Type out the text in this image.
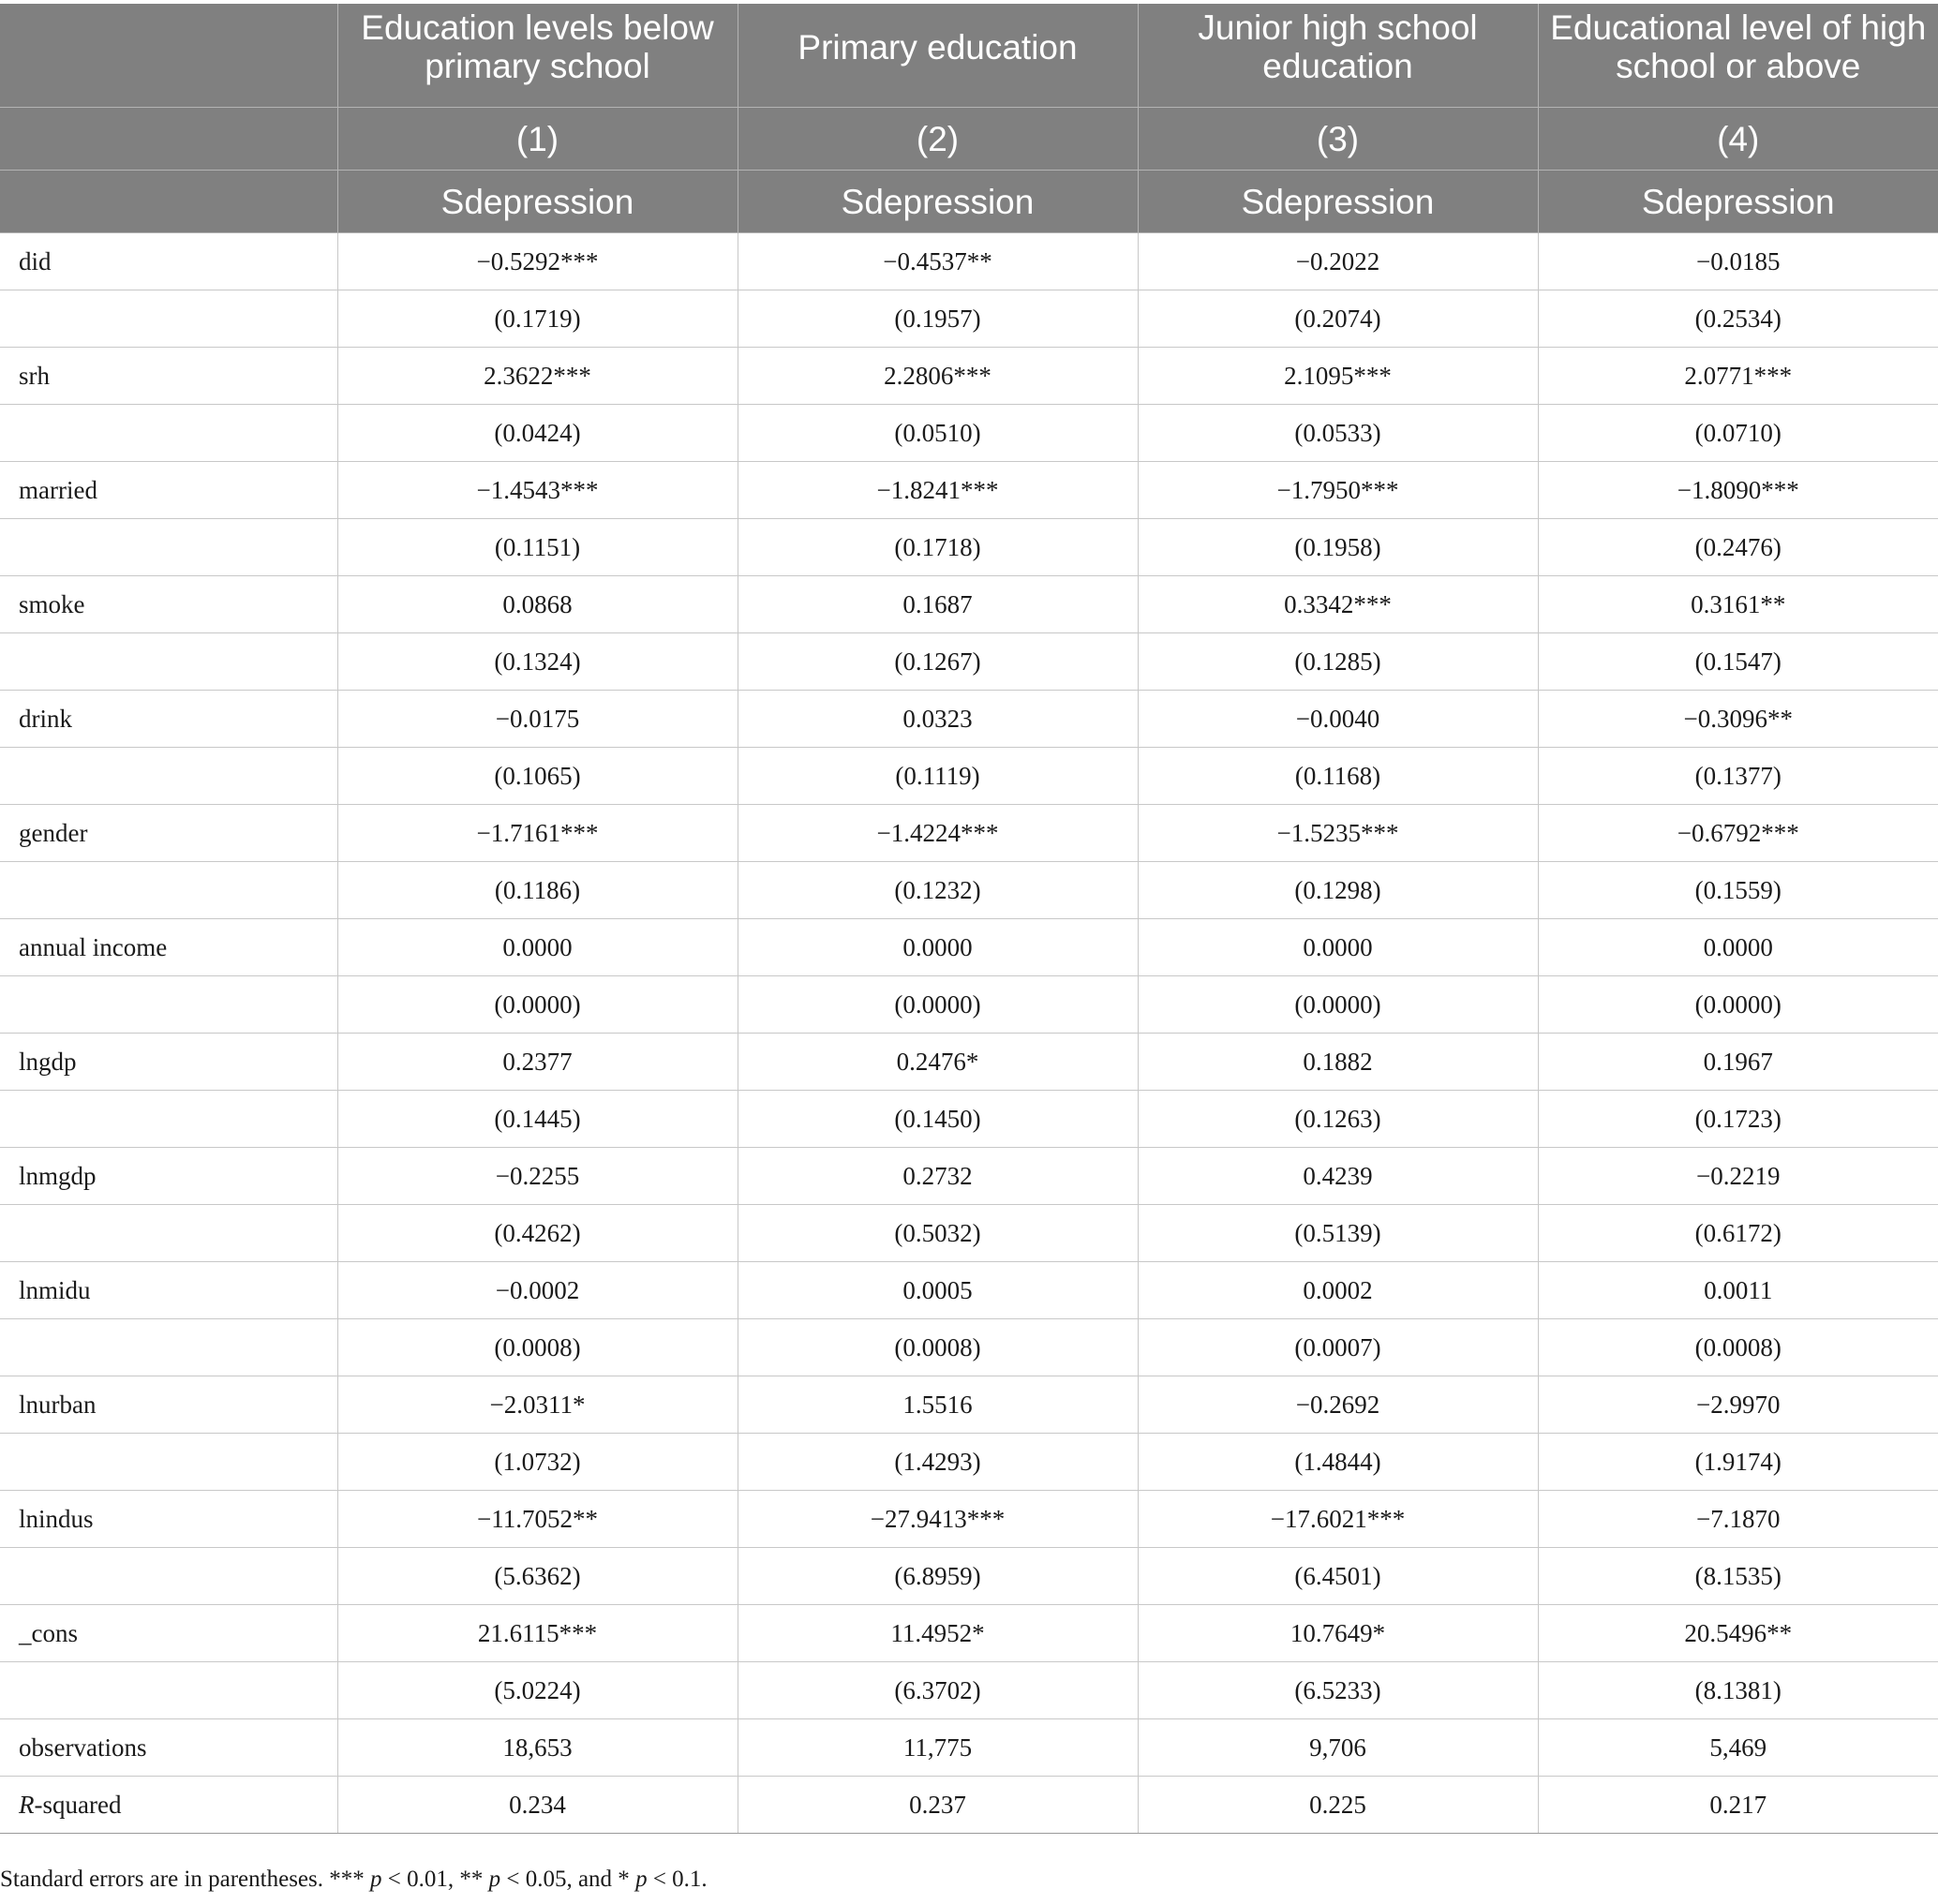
	Education levels below primary school	Primary education	Junior high school education	Educational level of high school or above

	(1)	(2)	(3)	(4)
	Sdepression	Sdepression	Sdepression	Sdepression
did	−0.5292***	−0.4537**	−0.2022	−0.0185
	(0.1719)	(0.1957)	(0.2074)	(0.2534)
srh	2.3622***	2.2806***	2.1095***	2.0771***
	(0.0424)	(0.0510)	(0.0533)	(0.0710)
married	−1.4543***	−1.8241***	−1.7950***	−1.8090***
	(0.1151)	(0.1718)	(0.1958)	(0.2476)
smoke	0.0868	0.1687	0.3342***	0.3161**
	(0.1324)	(0.1267)	(0.1285)	(0.1547)
drink	−0.0175	0.0323	−0.0040	−0.3096**
	(0.1065)	(0.1119)	(0.1168)	(0.1377)
gender	−1.7161***	−1.4224***	−1.5235***	−0.6792***
	(0.1186)	(0.1232)	(0.1298)	(0.1559)
annual income	0.0000	0.0000	0.0000	0.0000
	(0.0000)	(0.0000)	(0.0000)	(0.0000)
lngdp	0.2377	0.2476*	0.1882	0.1967
	(0.1445)	(0.1450)	(0.1263)	(0.1723)
lnmgdp	−0.2255	0.2732	0.4239	−0.2219
	(0.4262)	(0.5032)	(0.5139)	(0.6172)
lnmidu	−0.0002	0.0005	0.0002	0.0011
	(0.0008)	(0.0008)	(0.0007)	(0.0008)
lnurban	−2.0311*	1.5516	−0.2692	−2.9970
	(1.0732)	(1.4293)	(1.4844)	(1.9174)
lnindus	−11.7052**	−27.9413***	−17.6021***	−7.1870
	(5.6362)	(6.8959)	(6.4501)	(8.1535)
_cons	21.6115***	11.4952*	10.7649*	20.5496**
	(5.0224)	(6.3702)	(6.5233)	(8.1381)
observations	18,653	11,775	9,706	5,469
R-squared	0.234	0.237	0.225	0.217
Standard errors are in parentheses. *** p < 0.01, ** p < 0.05, and * p < 0.1.
